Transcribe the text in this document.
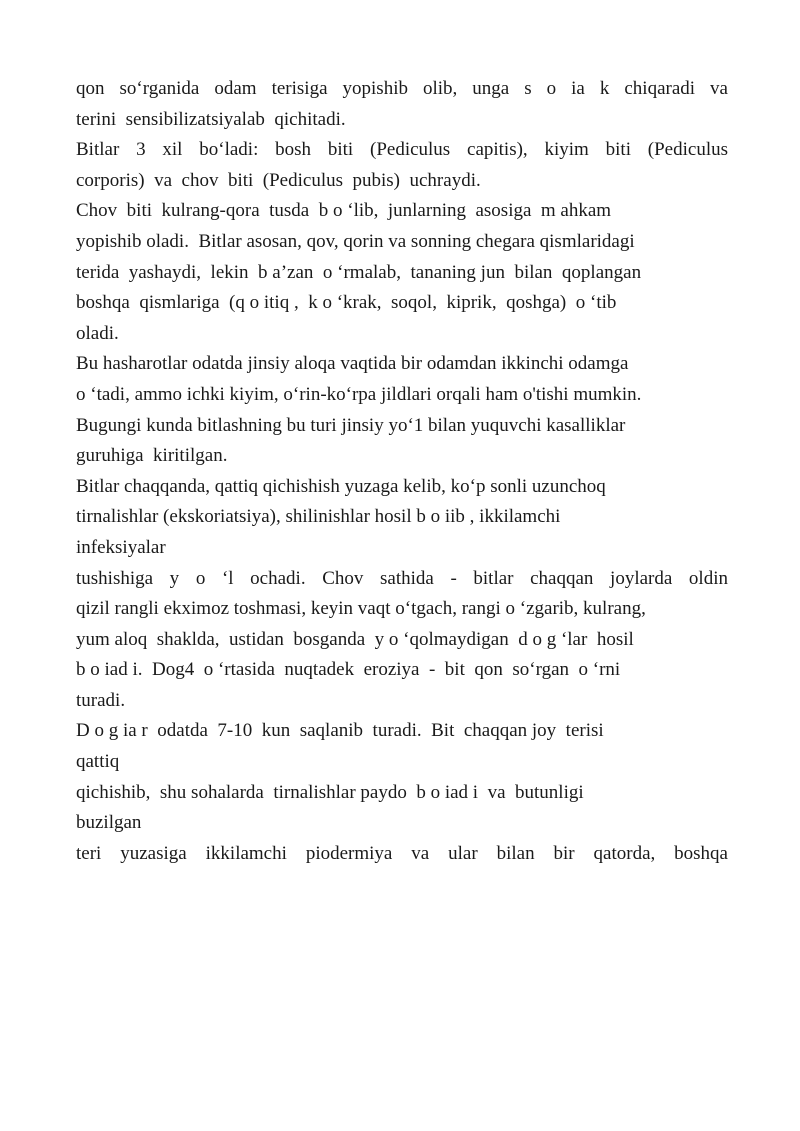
qon so‘rganida odam terisiga yopishib olib, unga s o ia k chiqaradi va
terini  sensibilizatsiyalab  qichitadi.
Bitlar 3 xil bo‘ladi: bosh biti (Pediculus capitis), kiyim biti (Pediculus
corporis)  va  chov  biti  (Pediculus  pubis)  uchraydi.
Chov  biti  kulrang-qora  tusda  b o ‘lib,  junlarning  asosiga  m ahkam
yopishib oladi.  Bitlar asosan, qov, qorin va sonning chegara qismlaridagi
terida  yashaydi,  lekin  b a’zan  o ‘rmalab,  tananing jun  bilan  qoplangan
boshqa  qismlariga  (q o itiq ,  k o ‘krak,  soqol,  kiprik,  qoshga)  o ‘tib
oladi.
Bu hasharotlar odatda jinsiy aloqa vaqtida bir odamdan ikkinchi odamga
o ‘tadi, ammo ichki kiyim, o‘rin-ko‘rpa jildlari orqali ham o'tishi mumkin.
Bugungi kunda bitlashning bu turi jinsiy yo‘1 bilan yuquvchi kasalliklar
guruhiga  kiritilgan.
Bitlar chaqqanda, qattiq qichishish yuzaga kelib, ko‘p sonli uzunchoq
tirnalishlar (ekskoriatsiya), shilinishlar hosil b o iib , ikkilamchi
infeksiyalar
tushishiga y o ‘l ochadi. Chov sathida - bitlar chaqqan joylarda oldin
qizil rangli ekximoz toshmasi, keyin vaqt o‘tgach, rangi o ‘zgarib, kulrang,
yum aloq  shaklda,  ustidan  bosganda  y o ‘qolmaydigan  d o g ‘lar  hosil
b o iad i.  Dog4  o ‘rtasida  nuqtadek  eroziya  -  bit  qon  so‘rgan  o ‘rni
turadi.
D o g ia r  odatda  7-10  kun  saqlanib  turadi.  Bit  chaqqan joy  terisi
qattiq
qichishib,  shu sohalarda  tirnalishlar paydo  b o iad i  va  butunligi
buzilgan
teri yuzasiga ikkilamchi piodermiya va ular bilan bir qatorda, boshqa
